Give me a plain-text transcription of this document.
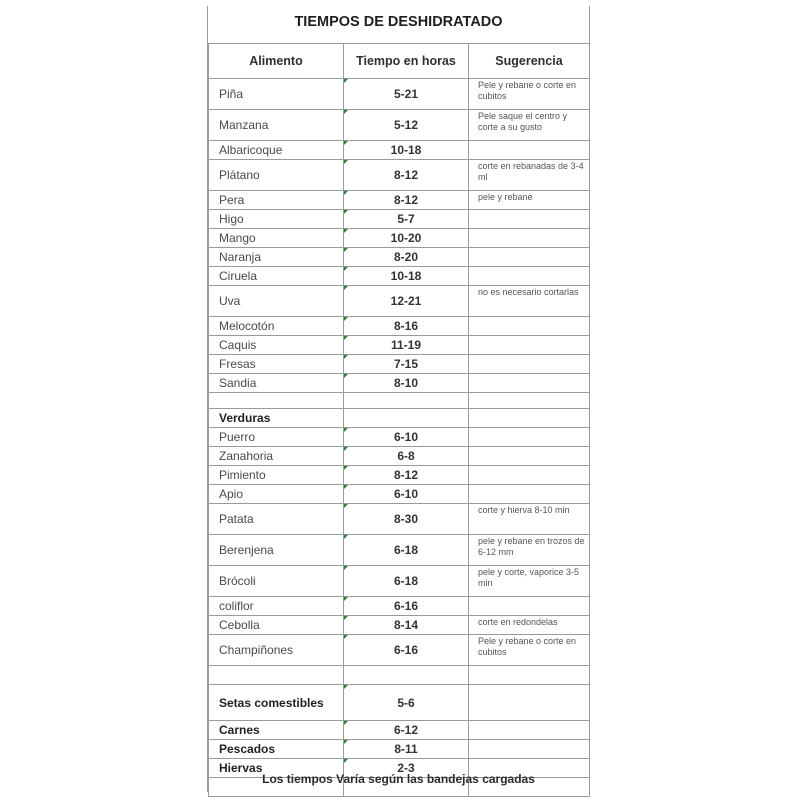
TIEMPOS DE DESHIDRATADO
Alimento	Tiempo en horas	Sugerencia
Piña	5-21	Pele y rebane o corte en cubitos
Manzana	5-12	Pele saque el centro y corte a su gusto
Albaricoque	10-18	
Plátano	8-12	corte en rebanadas de 3-4 ml
Pera	8-12	pele y rebane
Higo	5-7	
Mango	10-20	
Naranja	8-20	
Ciruela	10-18	
Uva	12-21	no es necesario cortarlas
Melocotón	8-16	
Caquis	11-19	
Fresas	7-15	
Sandia	8-10	

Verduras		
Puerro	6-10	
Zanahoria	6-8	
Pimiento	8-12	
Apio	6-10	
Patata	8-30	corte y hierva 8-10 min
Berenjena	6-18	pele y rebane en trozos de 6-12 mm
Brócoli	6-18	pele y corte, vaporice 3-5 min
coliflor	6-16	
Cebolla	8-14	corte en redondelas
Champiñones	6-16	Pele y rebane o corte en cubitos

Setas comestibles	5-6	
Carnes	6-12	
Pescados	8-11	
Hiervas	2-3	

Los tiempos Varía según las bandejas cargadas
